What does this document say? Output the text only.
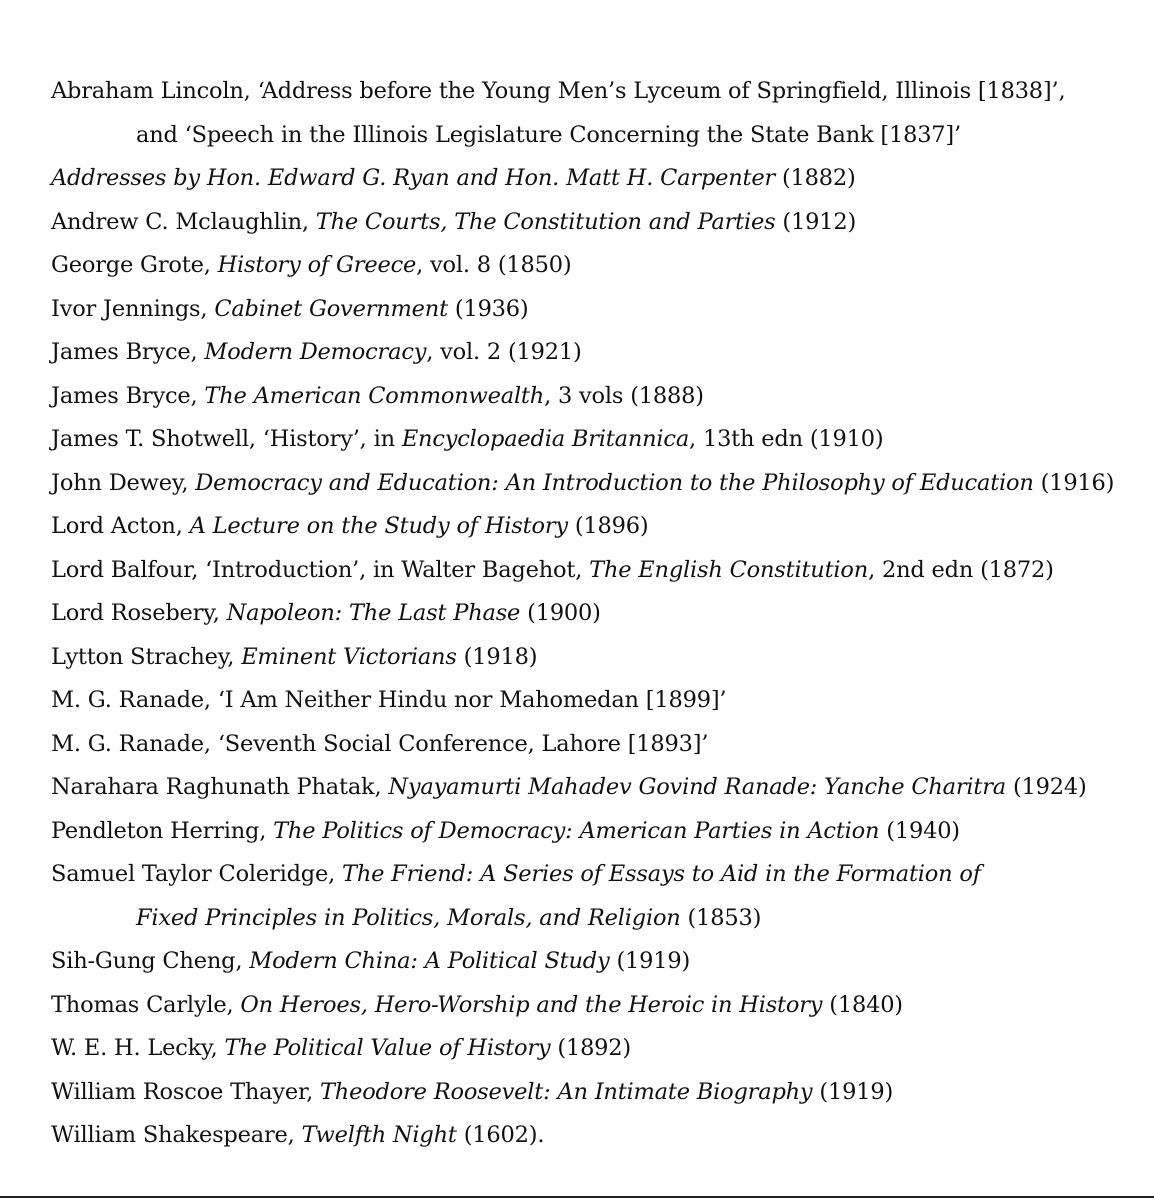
Abraham Lincoln, ‘Address before the Young Men’s Lyceum of Springfield, Illinois [1838]’,
and ‘Speech in the Illinois Legislature Concerning the State Bank [1837]’
Addresses by Hon. Edward G. Ryan and Hon. Matt H. Carpenter (1882)
Andrew C. Mclaughlin, The Courts, The Constitution and Parties (1912)
George Grote, History of Greece, vol. 8 (1850)
Ivor Jennings, Cabinet Government (1936)
James Bryce, Modern Democracy, vol. 2 (1921)
James Bryce, The American Commonwealth, 3 vols (1888)
James T. Shotwell, ‘History’, in Encyclopaedia Britannica, 13th edn (1910)
John Dewey, Democracy and Education: An Introduction to the Philosophy of Education (1916)
Lord Acton, A Lecture on the Study of History (1896)
Lord Balfour, ‘Introduction’, in Walter Bagehot, The English Constitution, 2nd edn (1872)
Lord Rosebery, Napoleon: The Last Phase (1900)
Lytton Strachey, Eminent Victorians (1918)
M. G. Ranade, ‘I Am Neither Hindu nor Mahomedan [1899]’
M. G. Ranade, ‘Seventh Social Conference, Lahore [1893]’
Narahara Raghunath Phatak, Nyayamurti Mahadev Govind Ranade: Yanche Charitra (1924)
Pendleton Herring, The Politics of Democracy: American Parties in Action (1940)
Samuel Taylor Coleridge, The Friend: A Series of Essays to Aid in the Formation of
Fixed Principles in Politics, Morals, and Religion (1853)
Sih-Gung Cheng, Modern China: A Political Study (1919)
Thomas Carlyle, On Heroes, Hero-Worship and the Heroic in History (1840)
W. E. H. Lecky, The Political Value of History (1892)
William Roscoe Thayer, Theodore Roosevelt: An Intimate Biography (1919)
William Shakespeare, Twelfth Night (1602).
